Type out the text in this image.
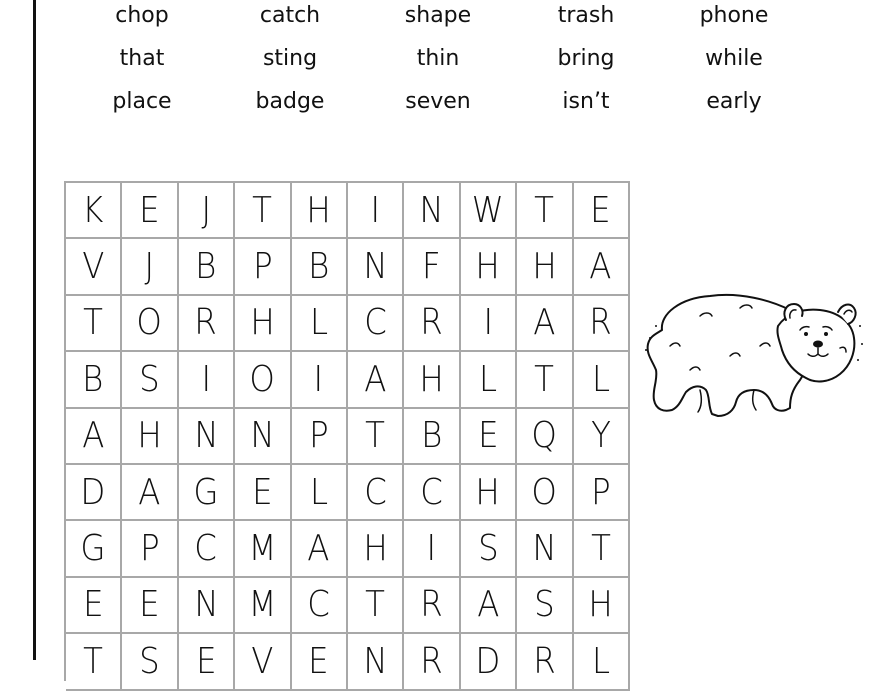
chop	catch	shape	trash	phone
that	sting	thin	bring	while
place	badge	seven	isn’t	early
K E J T H I N W T E
V J B P B N F H H A
T O R H L C R I A R
B S I O I A H L T L
A H N N P T B E Q Y
D A G E L C C H O P
G P C M A H I S N T
E E N M C T R A S H
T S E V E N R D R L
